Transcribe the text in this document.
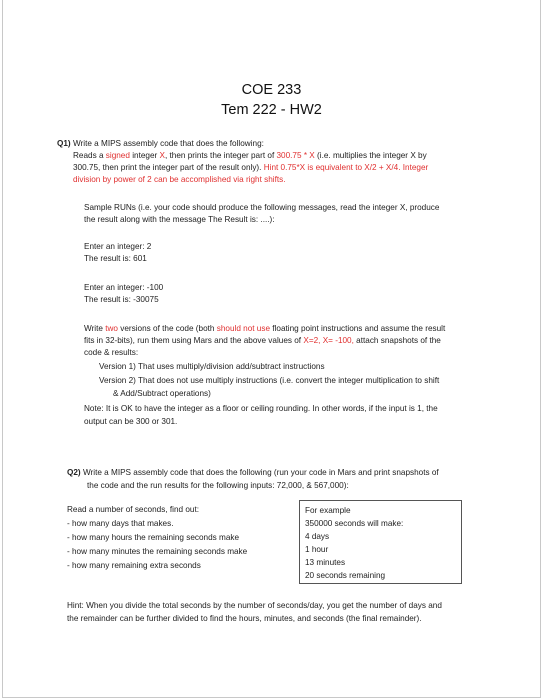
COE 233
Tem 222 - HW2
Q1) Write a MIPS assembly code that does the following:
Reads a signed integer X, then prints the integer part of 300.75 * X (i.e. multiplies the integer X by
300.75, then print the integer part of the result only). Hint 0.75*X is equivalent to X/2 + X/4. Integer
division by power of 2 can be accomplished via right shifts.
Sample RUNs (i.e. your code should produce the following messages, read the integer X, produce
the result along with the message The Result is: ....):
Enter an integer: 2
The result is: 601
Enter an integer: -100
The result is: -30075
Write two versions of the code (both should not use floating point instructions and assume the result
fits in 32-bits), run them using Mars and the above values of X=2, X= -100, attach snapshots of the
code & results:
Version 1) That uses multiply/division add/subtract instructions
Version 2) That does not use multiply instructions (i.e. convert the integer multiplication to shift
& Add/Subtract operations)
Note: It is OK to have the integer as a floor or ceiling rounding. In other words, if the input is 1, the
output can be 300 or 301.
Q2) Write a MIPS assembly code that does the following (run your code in Mars and print snapshots of
the code and the run results for the following inputs: 72,000, & 567,000):
Read a number of seconds, find out:
- how many days that makes.
- how many hours the remaining seconds make
- how many minutes the remaining seconds make
- how many remaining extra seconds
For example
350000 seconds will make:
4 days
1 hour
13 minutes
20 seconds remaining
Hint: When you divide the total seconds by the number of seconds/day, you get the number of days and
the remainder can be further divided to find the hours, minutes, and seconds (the final remainder).
